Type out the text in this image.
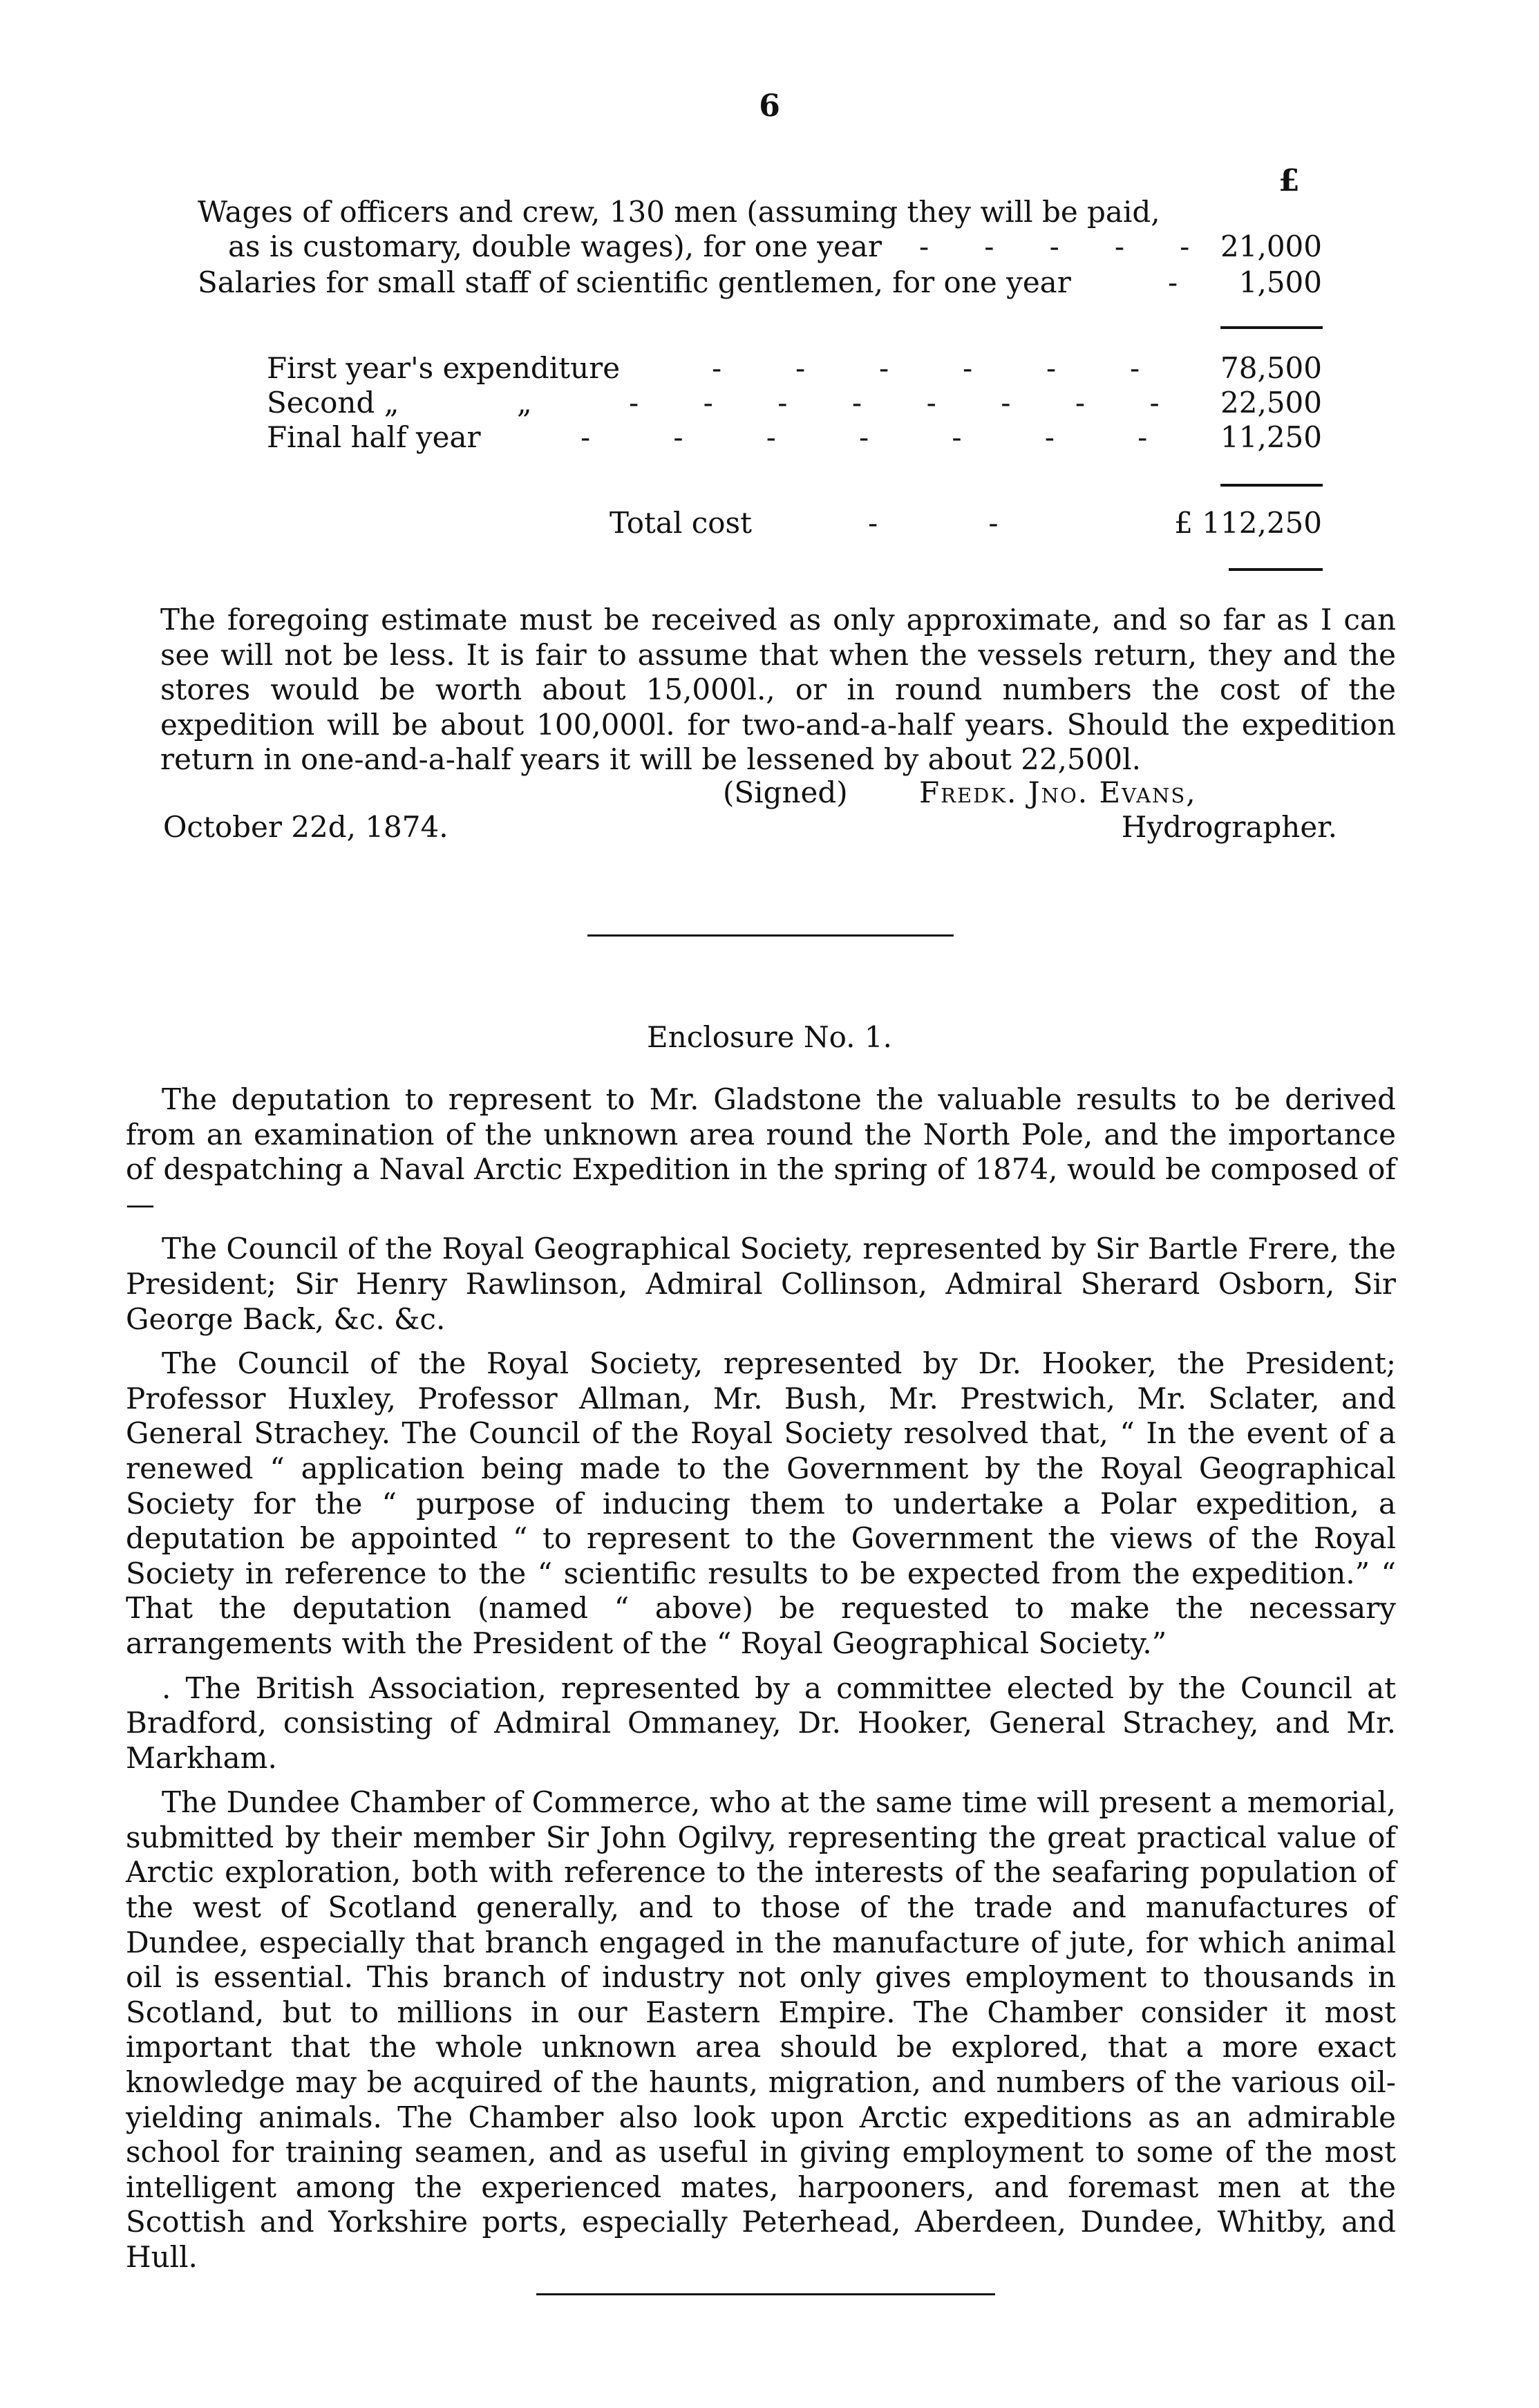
6
£
Wages of officers and crew, 130 men (assuming they will be paid,
as is customary, double wages), for one year -      -      -      -      - 21,000
Salaries for small staff of scientific gentlemen, for one year	- 1,500
First year's expenditure	-        -        -        -        -        -	78,500
Second „	„	-       -       -       -       -       -       -       - 22,500
Final half year	-         -         -         -         -         -         -	11,250
Total cost	-            -	£ 112,250
The foregoing estimate must be received as only approximate, and so far as I can see will not be less. It is fair to assume that when the vessels return, they and the stores would be worth about 15,000l., or in round numbers the cost of the expedition will be about 100,000l. for two-and-a-half years. Should the expedition return in one-and-a-half years it will be lessened by about 22,500l.
(Signed) Fredk. Jno. Evans,
October 22d, 1874.	Hydrographer.
Enclosure No. 1.

The deputation to represent to Mr. Gladstone the valuable results to be derived from an examination of the unknown area round the North Pole, and the importance of despatching a Naval Arctic Expedition in the spring of 1874, would be composed of—

The Council of the Royal Geographical Society, represented by Sir Bartle Frere, the President; Sir Henry Rawlinson, Admiral Collinson, Admiral Sherard Osborn, Sir George Back, &c. &c.

The Council of the Royal Society, represented by Dr. Hooker, the President; Professor Huxley, Professor Allman, Mr. Bush, Mr. Prestwich, Mr. Sclater, and General Strachey. The Council of the Royal Society resolved that, “ In the event of a renewed “ application being made to the Government by the Royal Geographical Society for the “ purpose of inducing them to undertake a Polar expedition, a deputation be appointed “ to represent to the Government the views of the Royal Society in reference to the “ scientific results to be expected from the expedition.” “ That the deputation (named “ above) be requested to make the necessary arrangements with the President of the “ Royal Geographical Society.”

. The British Association, represented by a committee elected by the Council at Bradford, consisting of Admiral Ommaney, Dr. Hooker, General Strachey, and Mr. Markham.

The Dundee Chamber of Commerce, who at the same time will present a memorial, submitted by their member Sir John Ogilvy, representing the great practical value of Arctic exploration, both with reference to the interests of the seafaring population of the west of Scotland generally, and to those of the trade and manufactures of Dundee, especially that branch engaged in the manufacture of jute, for which animal oil is essential. This branch of industry not only gives employment to thousands in Scotland, but to millions in our Eastern Empire. The Chamber consider it most important that the whole unknown area should be explored, that a more exact knowledge may be acquired of the haunts, migration, and numbers of the various oil-yielding animals. The Chamber also look upon Arctic expeditions as an admirable school for training seamen, and as useful in giving employment to some of the most intelligent among the experienced mates, harpooners, and foremast men at the Scottish and Yorkshire ports, especially Peterhead, Aberdeen, Dundee, Whitby, and Hull.
